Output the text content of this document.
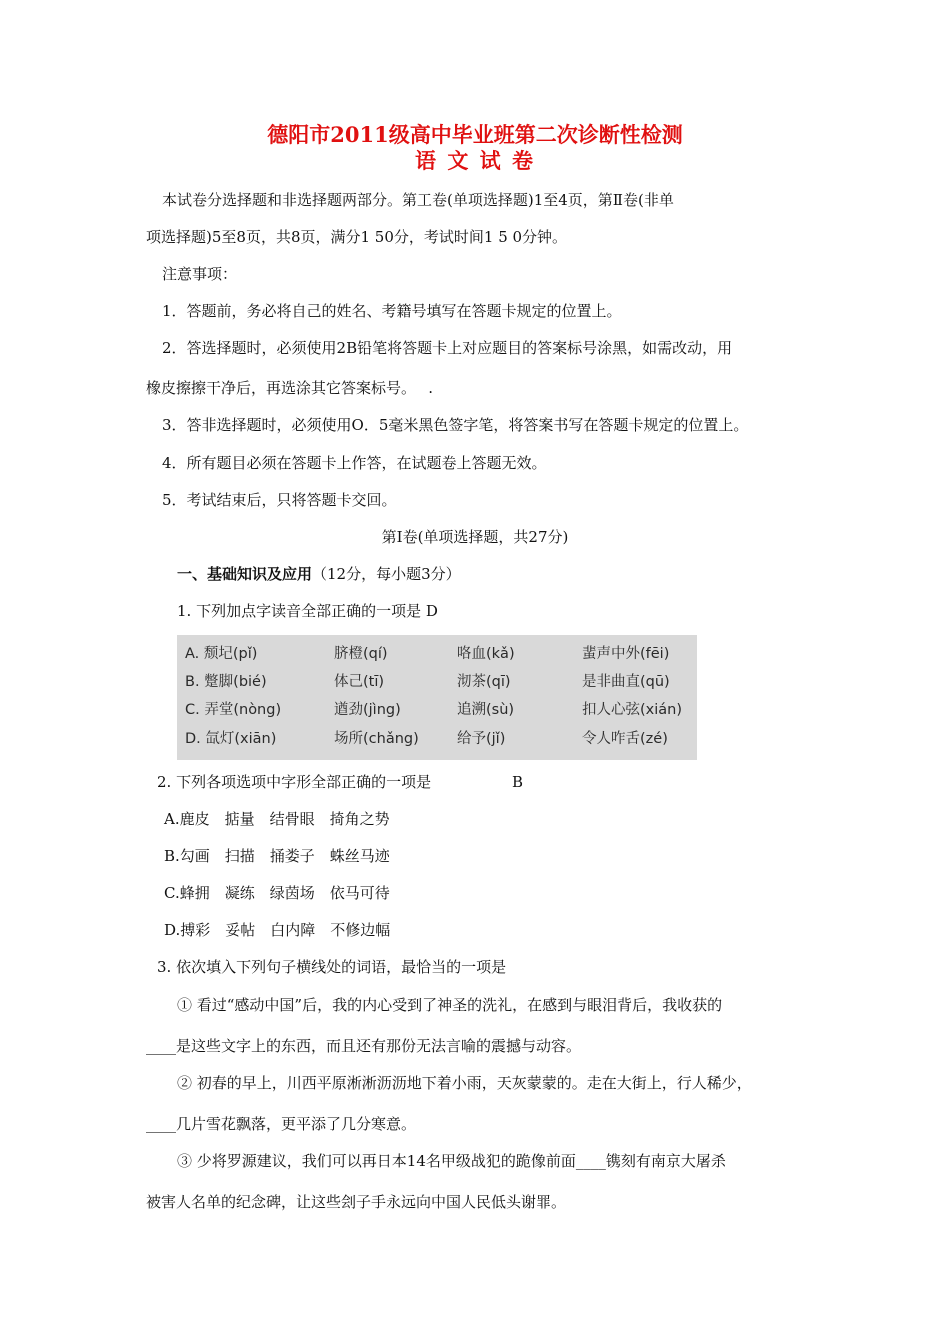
德阳市2011级高中毕业班第二次诊断性检测
语 文 试 卷
本试卷分选择题和非选择题两部分。第工卷(单项选择题)1至4页，第Ⅱ卷(非单
项选择题)5至8页，共8页，满分1 50分，考试时间1 5 0分钟。
注意事项：
1．答题前，务必将自己的姓名、考籍号填写在答题卡规定的位置上。
2．答选择题时，必须使用2B铅笔将答题卡上对应题目的答案标号涂黑，如需改动，用
橡皮擦擦干净后，再选涂其它答案标号。　 .
3．答非选择题时，必须使用O．5毫米黑色签字笔，将答案书写在答题卡规定的位置上。
4．所有题目必须在答题卡上作答，在试题卷上答题无效。
5．考试结束后，只将答题卡交回。
第I卷(单项选择题，共27分)
一、基础知识及应用（12分，每小题3分）
1. 下列加点字读音全部正确的一项是 D
A. 颓圮(pǐ)	脐橙(qí)	咯血(kǎ)	蜚声中外(fēi)
B. 蹩脚(bié)	体己(tī)	沏茶(qī)	是非曲直(qū)
C. 弄堂(nòng)	遒劲(jìng)	追溯(sù)	扣人心弦(xián)
D. 氙灯(xiān)	场所(chǎng)	给予(jǐ)	令人咋舌(zé)
2. 下列各项选项中字形全部正确的一项是	B
A.鹿皮　掂量　结骨眼　掎角之势
B.勾画　扫描　捅娄子　蛛丝马迹
C.蜂拥　凝练　绿茵场　依马可待
D.搏彩　妥帖　白内障　不修边幅
3. 依次填入下列句子横线处的词语，最恰当的一项是
① 看过“感动中国”后，我的内心受到了神圣的洗礼，在感到与眼泪背后，我收获的
____是这些文字上的东西，而且还有那份无法言喻的震撼与动容。
② 初春的早上，川西平原淅淅沥沥地下着小雨，天灰蒙蒙的。走在大街上，行人稀少，
____几片雪花飘落，更平添了几分寒意。
③ 少将罗源建议，我们可以再日本14名甲级战犯的跪像前面____镌刻有南京大屠杀
被害人名单的纪念碑，让这些刽子手永远向中国人民低头谢罪。
